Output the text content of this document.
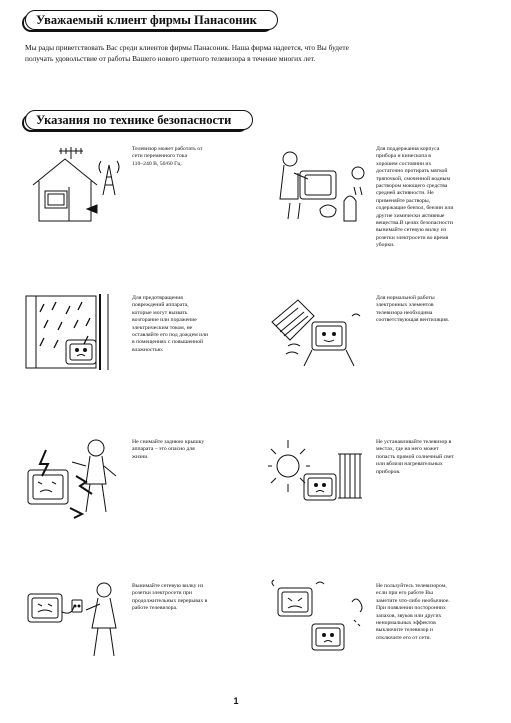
Уважаемый клиент фирмы Панасоник
Мы рады приветствовать Вас среди клиентов фирмы Панасоник. Наша фирма надеется, что Вы будете
получать удовольствие от работы Вашего нового цветного телевизора в течение многих лет.
Указания по технике безопасности
Телевизор может работать от
сети переменного тока
110–240 В, 50/60 Гц.
Для поддержания корпуса
прибора и кинескопа в
хорошем состоянии их
достаточно протирать мягкой
тряпочкой, смоченной водным
раствором моющего средства
средней активности. Не
применяйте растворы,
содержащие бензол, бензин или
другие химически активные
вещества.В целях безопасности
вынимайте сетевую вилку из
розетки электросети во время
уборки.
Для предотвращения
повреждений аппарата,
которые могут вызвать
возгорание или поражение
электрическим током, не
оставляйте его под дождем или
в помещениях с повышенной
влажностью.
Для нормальной работы
электронных элементов
телевизора необходима
соответствующая вентиляция.
Не снимайте заднюю крышку
аппарата – это опасно для
жизни.
Не устанавливайте телевизор в
местах, где на него может
попасть прямой солнечный свет
или вблизи нагревательных
приборов.
Вынимайте сетевую вилку из
розетки электросети при
продолжительных перерывах в
работе телевизора.
Не пользуйтесь телевизором,
если при его работе Вы
заметите что-либо необычное.
При появлении посторонних
запахов, звуков или других
ненормальных эффектов
выключите телевизор и
отключите его от сети.
1
